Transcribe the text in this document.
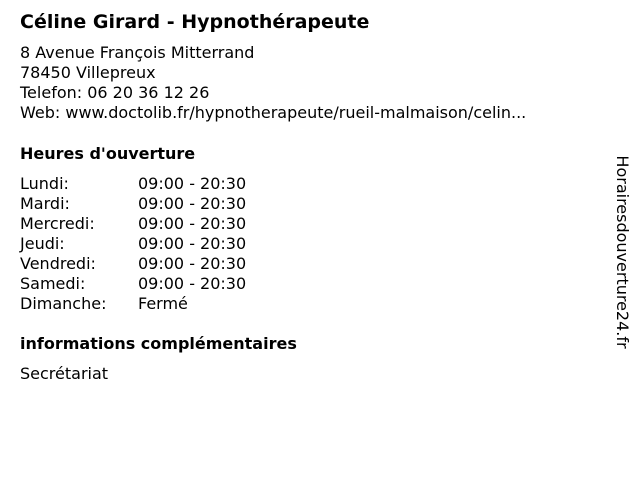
Céline Girard - Hypnothérapeute
8 Avenue François Mitterrand
78450 Villepreux
Telefon: 06 20 36 12 26
Web: www.doctolib.fr/hypnotherapeute/rueil-malmaison/celin...
Heures d'ouverture
Lundi:	09:00 - 20:30
Mardi:	09:00 - 20:30
Mercredi:	09:00 - 20:30
Jeudi:	09:00 - 20:30
Vendredi:	09:00 - 20:30
Samedi:	09:00 - 20:30
Dimanche: Fermé
informations complémentaires
Secrétariat
Horairesdouverture24.fr
